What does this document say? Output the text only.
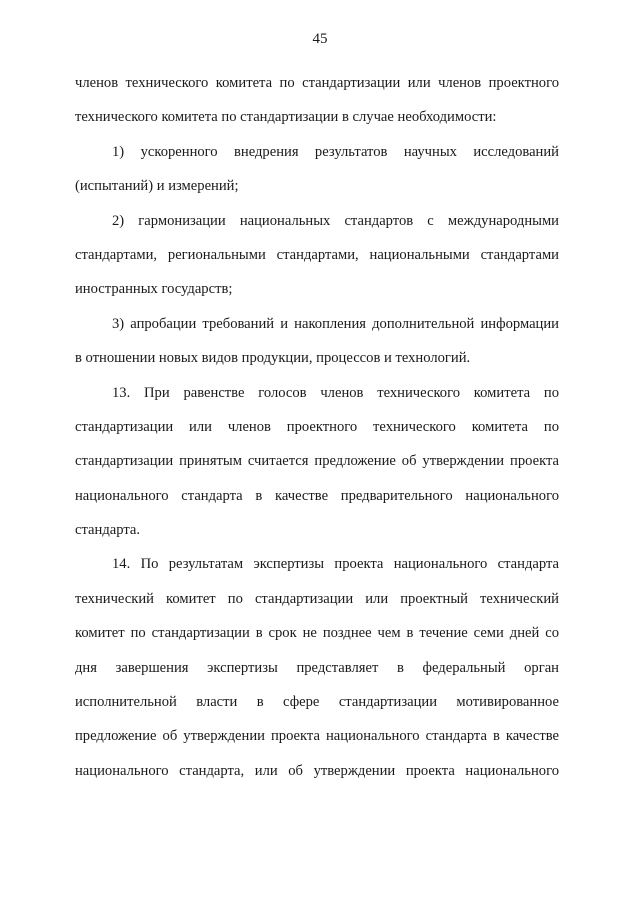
45
членов технического комитета по стандартизации или членов проектного
технического комитета по стандартизации в случае необходимости:
1) ускоренного внедрения результатов научных исследований
(испытаний) и измерений;
2) гармонизации национальных стандартов с международными
стандартами, региональными стандартами, национальными стандартами
иностранных государств;
3) апробации требований и накопления дополнительной информации
в отношении новых видов продукции, процессов и технологий.
13. При равенстве голосов членов технического комитета по
стандартизации или членов проектного технического комитета по
стандартизации принятым считается предложение об утверждении проекта
национального стандарта в качестве предварительного национального
стандарта.
14. По результатам экспертизы проекта национального стандарта
технический комитет по стандартизации или проектный технический
комитет по стандартизации в срок не позднее чем в течение семи дней со
дня завершения экспертизы представляет в федеральный орган
исполнительной власти в сфере стандартизации мотивированное
предложение об утверждении проекта национального стандарта в качестве
национального стандарта, или об утверждении проекта национального
